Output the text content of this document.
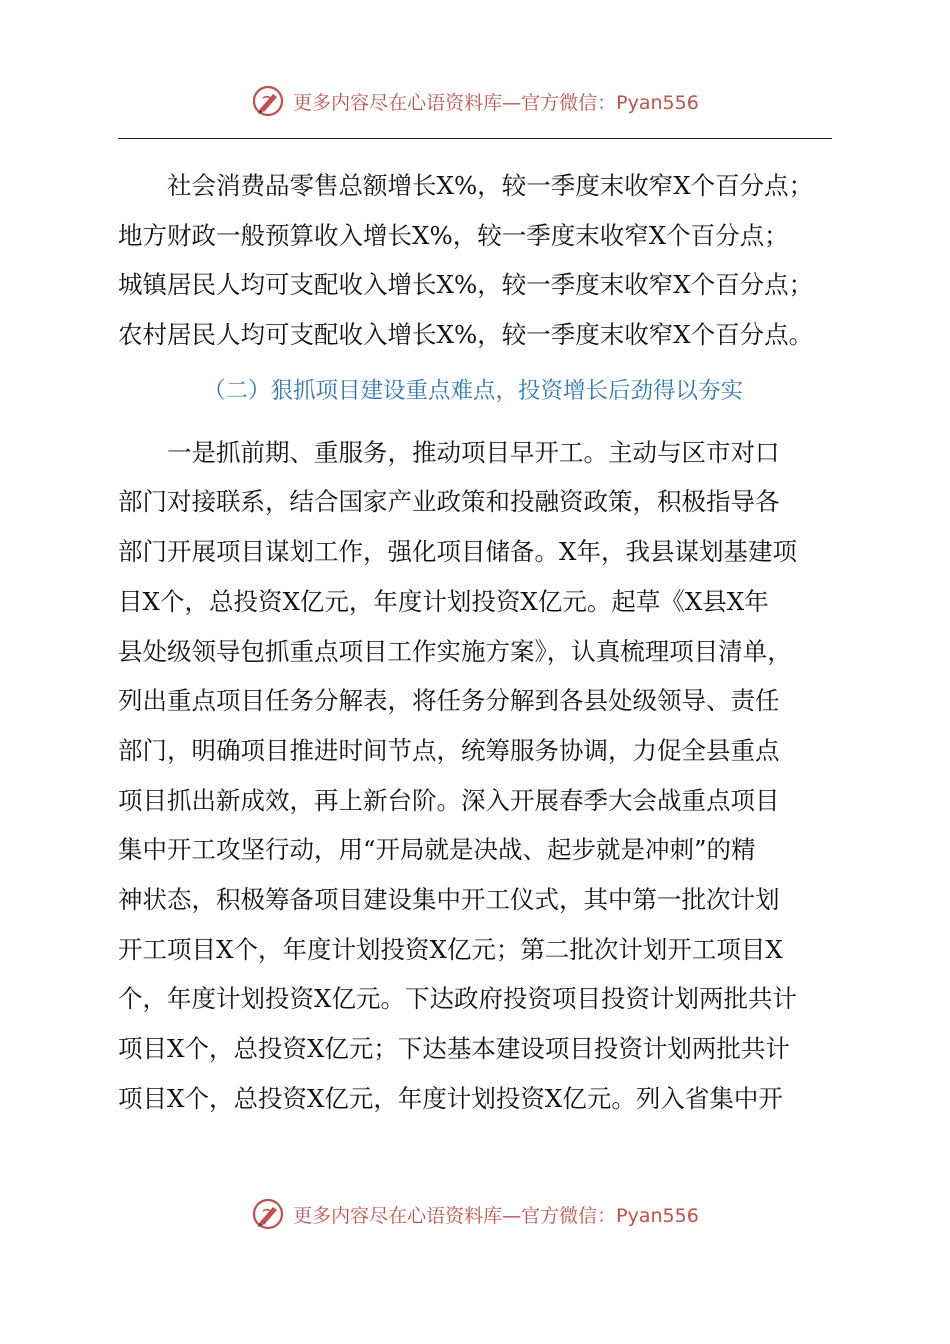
更多内容尽在心语资料库—官方微信：Pyan556
社会消费品零售总额增长X%，较一季度末收窄X个百分点；
地方财政一般预算收入增长X%，较一季度末收窄X个百分点；
城镇居民人均可支配收入增长X%，较一季度末收窄X个百分点；
农村居民人均可支配收入增长X%，较一季度末收窄X个百分点。
（二）狠抓项目建设重点难点，投资增长后劲得以夯实
一是抓前期、重服务，推动项目早开工。主动与区市对口
部门对接联系，结合国家产业政策和投融资政策，积极指导各
部门开展项目谋划工作，强化项目储备。X年，我县谋划基建项
目X个，总投资X亿元，年度计划投资X亿元。起草《X县X年
县处级领导包抓重点项目工作实施方案》，认真梳理项目清单，
列出重点项目任务分解表，将任务分解到各县处级领导、责任
部门，明确项目推进时间节点，统筹服务协调，力促全县重点
项目抓出新成效，再上新台阶。深入开展春季大会战重点项目
集中开工攻坚行动，用“开局就是决战、起步就是冲刺”的精
神状态，积极筹备项目建设集中开工仪式，其中第一批次计划
开工项目X个，年度计划投资X亿元；第二批次计划开工项目X
个，年度计划投资X亿元。下达政府投资项目投资计划两批共计
项目X个，总投资X亿元；下达基本建设项目投资计划两批共计
项目X个，总投资X亿元，年度计划投资X亿元。列入省集中开
更多内容尽在心语资料库—官方微信：Pyan556
